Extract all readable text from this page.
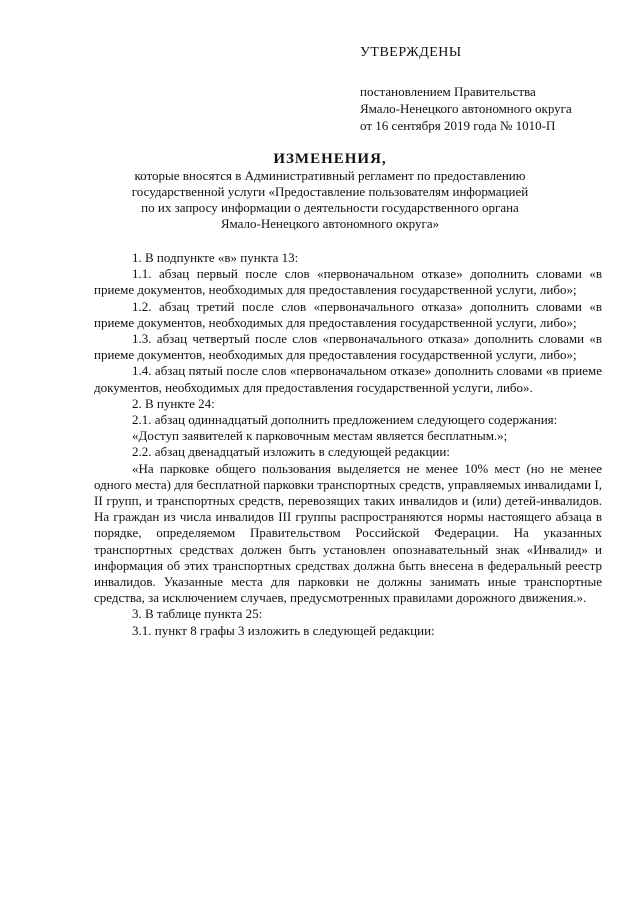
УТВЕРЖДЕНЫ
постановлением Правительства
Ямало-Ненецкого автономного округа
от 16 сентября 2019 года № 1010-П
ИЗМЕНЕНИЯ,
которые вносятся в Административный регламент по предоставлению
государственной услуги «Предоставление пользователям информацией
по их запросу информации о деятельности государственного органа
Ямало-Ненецкого автономного округа»

1. В подпункте «в» пункта 13:

1.1. абзац первый после слов «первоначальном отказе» дополнить словами «в приеме документов, необходимых для предоставления государственной услуги, либо»;

1.2. абзац третий после слов «первоначального отказа» дополнить словами «в приеме документов, необходимых для предоставления государственной услуги, либо»;

1.3. абзац четвертый после слов «первоначального отказа» дополнить словами «в приеме документов, необходимых для предоставления государственной услуги, либо»;

1.4. абзац пятый после слов «первоначальном отказе» дополнить словами «в приеме документов, необходимых для предоставления государственной услуги, либо».

2. В пункте 24:

2.1. абзац одиннадцатый дополнить предложением следующего содержания:

«Доступ заявителей к парковочным местам является бесплатным.»;

2.2. абзац двенадцатый изложить в следующей редакции:

«На парковке общего пользования выделяется не менее 10% мест (но не менее одного места) для бесплатной парковки транспортных средств, управляемых инвалидами I, II групп, и транспортных средств, перевозящих таких инвалидов и (или) детей-инвалидов. На граждан из числа инвалидов III группы распространяются нормы настоящего абзаца в порядке, определяемом Правительством Российской Федерации. На указанных транспортных средствах должен быть установлен опознавательный знак «Инвалид» и информация об этих транспортных средствах должна быть внесена в федеральный реестр инвалидов. Указанные места для парковки не должны занимать иные транспортные средства, за исключением случаев, предусмотренных правилами дорожного движения.».

3. В таблице пункта 25:

3.1. пункт 8 графы 3 изложить в следующей редакции:
